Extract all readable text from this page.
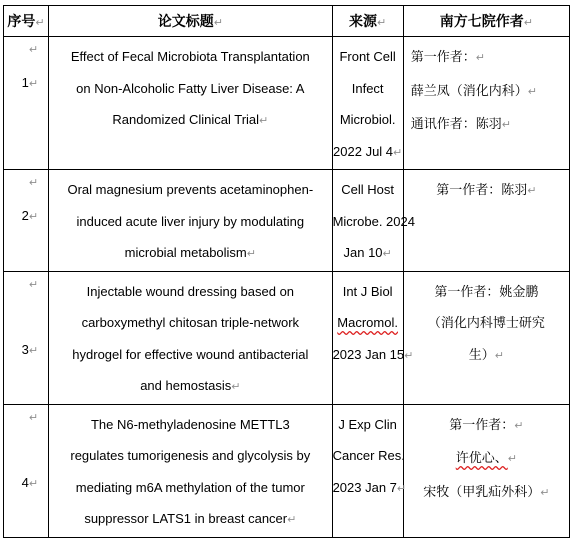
序号↵	论文标题↵	来源↵	南方七院作者↵

↵
1↵	Effect of Fecal Microbiota Transplantation
on Non-Alcoholic Fatty Liver Disease: A
Randomized Clinical Trial↵	Front Cell
Infect
Microbiol.
2022 Jul 4↵	第一作者：↵
薛兰凤（消化内科）↵
通讯作者：陈羽↵

↵
2↵	Oral magnesium prevents acetaminophen-
induced acute liver injury by modulating
microbial metabolism↵	Cell Host
Microbe. 2024
Jan 10↵	第一作者：陈羽↵

↵
3↵	Injectable wound dressing based on
carboxymethyl chitosan triple-network
hydrogel for effective wound antibacterial
and hemostasis↵	Int J Biol
Macromol.
2023 Jan 15↵	第一作者：姚金鹏
（消化内科博士研究
生）↵

↵
4↵	The N6-methyladenosine METTL3
regulates tumorigenesis and glycolysis by
mediating m6A methylation of the tumor
suppressor LATS1 in breast cancer↵	J Exp Clin
Cancer Res.
2023 Jan 7↵	第一作者：↵
许优心、↵
宋牧（甲乳疝外科）↵
